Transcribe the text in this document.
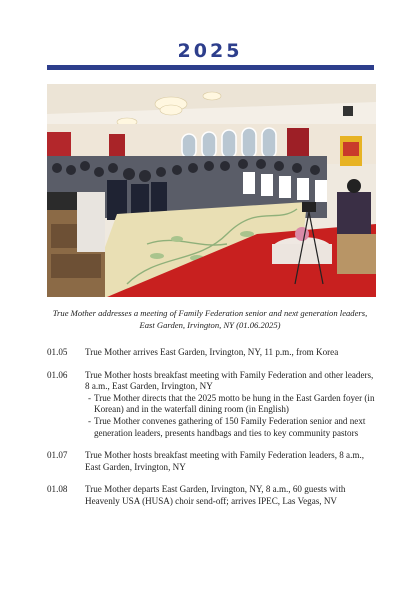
2025
True Mother addresses a meeting of Family Federation senior and next generation leaders,
East Garden, Irvington, NY (01.06.2025)
01.05	True Mother arrives East Garden, Irvington, NY, 11 p.m., from Korea
01.06	True Mother hosts breakfast meeting with Family Federation and other leaders,
8 a.m., East Garden, Irvington, NY
- True Mother directs that the 2025 motto be hung in the East Garden foyer (in
Korean) and in the waterfall dining room (in English)
- True Mother convenes gathering of 150 Family Federation senior and next
generation leaders, presents handbags and ties to key community pastors
01.07	True Mother hosts breakfast meeting with Family Federation leaders, 8 a.m.,
East Garden, Irvington, NY
01.08	True Mother departs East Garden, Irvington, NY, 8 a.m., 60 guests with
Heavenly USA (HUSA) choir send-off; arrives IPEC, Las Vegas, NV
